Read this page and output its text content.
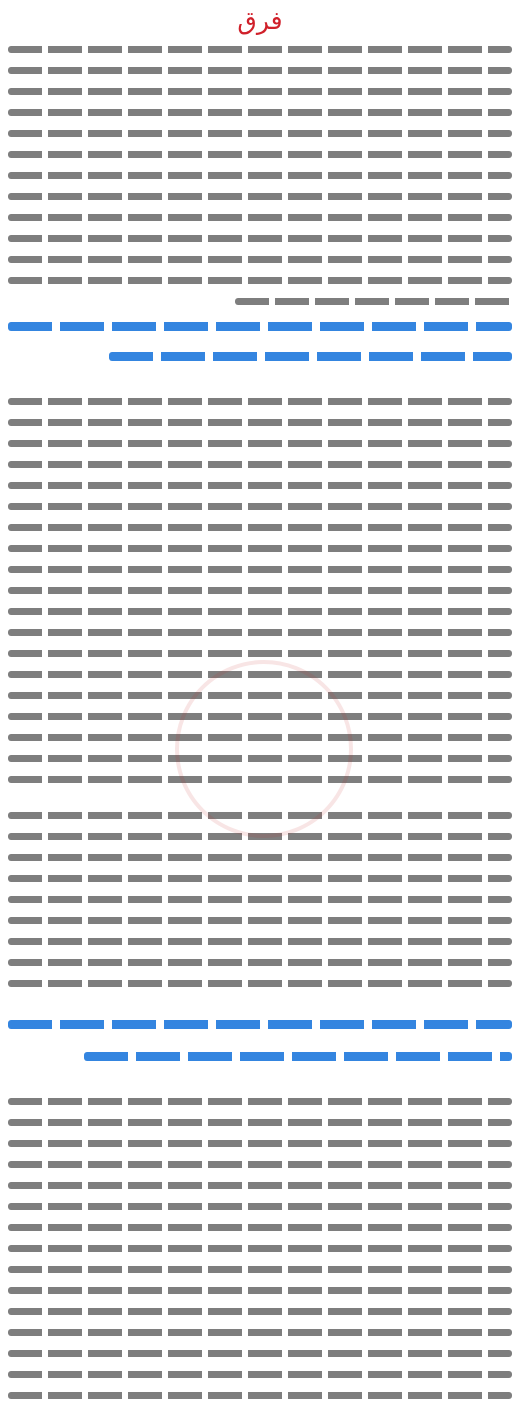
فرق
